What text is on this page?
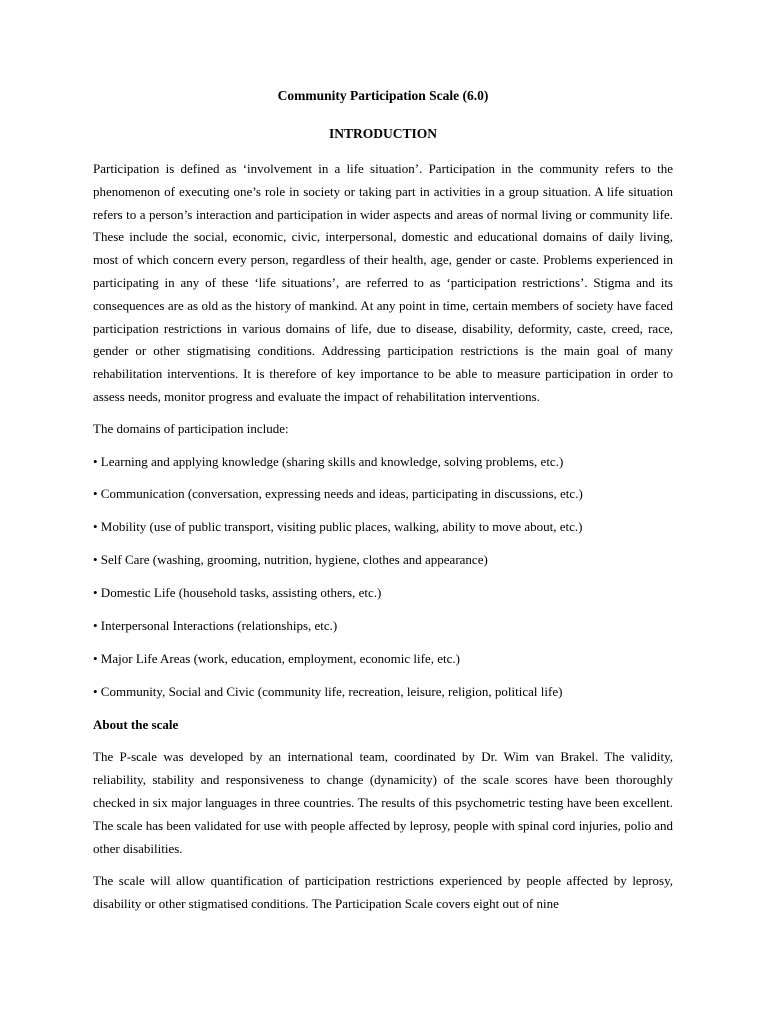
Community Participation Scale (6.0)
INTRODUCTION

Participation is defined as ‘involvement in a life situation’. Participation in the community refers to the phenomenon of executing one’s role in society or taking part in activities in a group situation. A life situation refers to a person’s interaction and participation in wider aspects and areas of normal living or community life. These include the social, economic, civic, interpersonal, domestic and educational domains of daily living, most of which concern every person, regardless of their health, age, gender or caste. Problems experienced in participating in any of these ‘life situations’, are referred to as ‘participation restrictions’. Stigma and its consequences are as old as the history of mankind. At any point in time, certain members of society have faced participation restrictions in various domains of life, due to disease, disability, deformity, caste, creed, race, gender or other stigmatising conditions. Addressing participation restrictions is the main goal of many rehabilitation interventions. It is therefore of key importance to be able to measure participation in order to assess needs, monitor progress and evaluate the impact of rehabilitation interventions.

The domains of participation include:

• Learning and applying knowledge (sharing skills and knowledge, solving problems, etc.)
• Communication (conversation, expressing needs and ideas, participating in discussions, etc.)
• Mobility (use of public transport, visiting public places, walking, ability to move about, etc.)
• Self Care (washing, grooming, nutrition, hygiene, clothes and appearance)
• Domestic Life (household tasks, assisting others, etc.)
• Interpersonal Interactions (relationships, etc.)
• Major Life Areas (work, education, employment, economic life, etc.)
• Community, Social and Civic (community life, recreation, leisure, religion, political life)
About the scale

The P-scale was developed by an international team, coordinated by Dr. Wim van Brakel. The validity, reliability, stability and responsiveness to change (dynamicity) of the scale scores have been thoroughly checked in six major languages in three countries. The results of this psychometric testing have been excellent. The scale has been validated for use with people affected by leprosy, people with spinal cord injuries, polio and other disabilities.

The scale will allow quantification of participation restrictions experienced by people affected by leprosy, disability or other stigmatised conditions. The Participation Scale covers eight out of nine
